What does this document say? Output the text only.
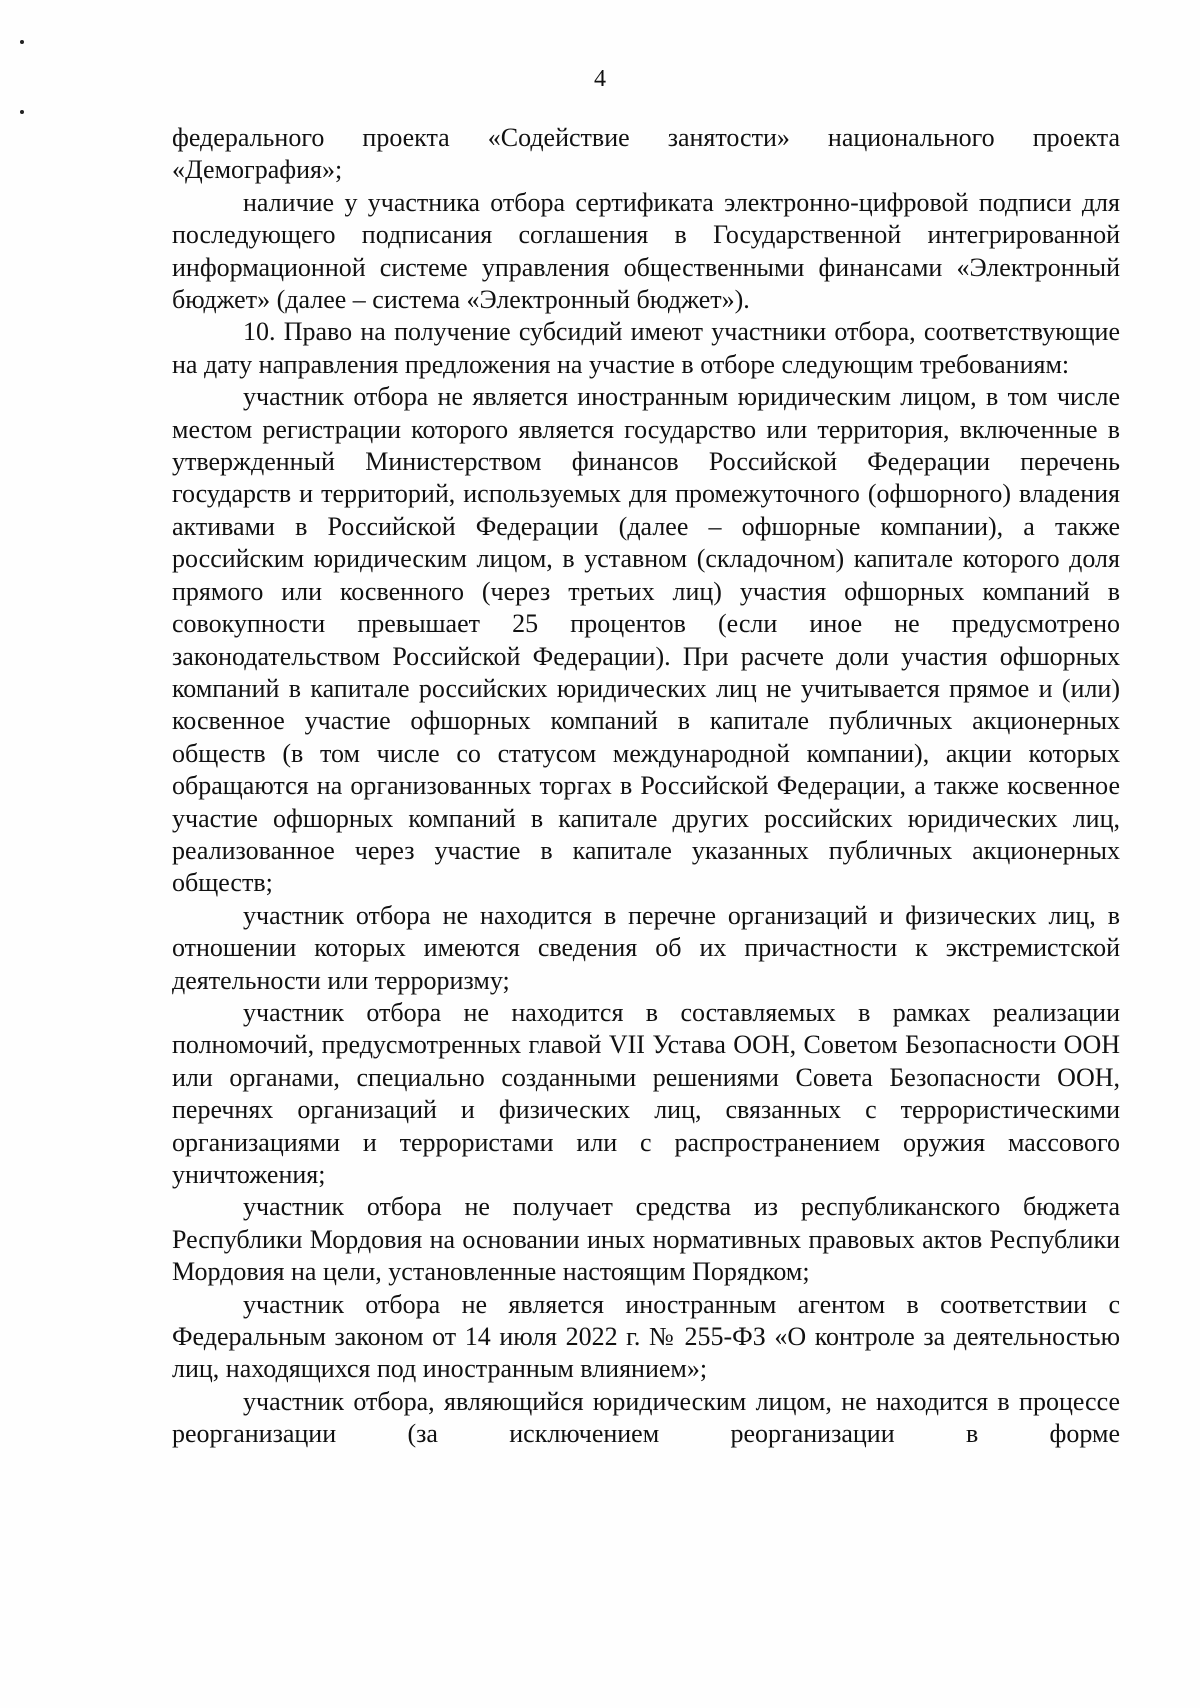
4

федерального проекта «Содействие занятости» национального проекта «Демография»;

наличие у участника отбора сертификата электронно-цифровой подписи для последующего подписания соглашения в Государственной интегрированной информационной системе управления общественными финансами «Электронный бюджет» (далее – система «Электронный бюджет»).

10. Право на получение субсидий имеют участники отбора, соответствующие на дату направления предложения на участие в отборе следующим требованиям:

участник отбора не является иностранным юридическим лицом, в том числе местом регистрации которого является государство или территория, включенные в утвержденный Министерством финансов Российской Федерации перечень государств и территорий, используемых для промежуточного (офшорного) владения активами в Российской Федерации (далее – офшорные компании), а также российским юридическим лицом, в уставном (складочном) капитале которого доля прямого или косвенного (через третьих лиц) участия офшорных компаний в совокупности превышает 25 процентов (если иное не предусмотрено законодательством Российской Федерации). При расчете доли участия офшорных компаний в капитале российских юридических лиц не учитывается прямое и (или) косвенное участие офшорных компаний в капитале публичных акционерных обществ (в том числе со статусом международной компании), акции которых обращаются на организованных торгах в Российской Федерации, а также косвенное участие офшорных компаний в капитале других российских юридических лиц, реализованное через участие в капитале указанных публичных акционерных обществ;

участник отбора не находится в перечне организаций и физических лиц, в отношении которых имеются сведения об их причастности к экстремистской деятельности или терроризму;

участник отбора не находится в составляемых в рамках реализации полномочий, предусмотренных главой VII Устава ООН, Советом Безопасности ООН или органами, специально созданными решениями Совета Безопасности ООН, перечнях организаций и физических лиц, связанных с террористическими организациями и террористами или с распространением оружия массового уничтожения;

участник отбора не получает средства из республиканского бюджета Республики Мордовия на основании иных нормативных правовых актов Республики Мордовия на цели, установленные настоящим Порядком;

участник отбора не является иностранным агентом в соответствии с Федеральным законом от 14 июля 2022 г. № 255-ФЗ «О контроле за деятельностью лиц, находящихся под иностранным влиянием»;

участник отбора, являющийся юридическим лицом, не находится в процессе реорганизации (за исключением реорганизации в форме
